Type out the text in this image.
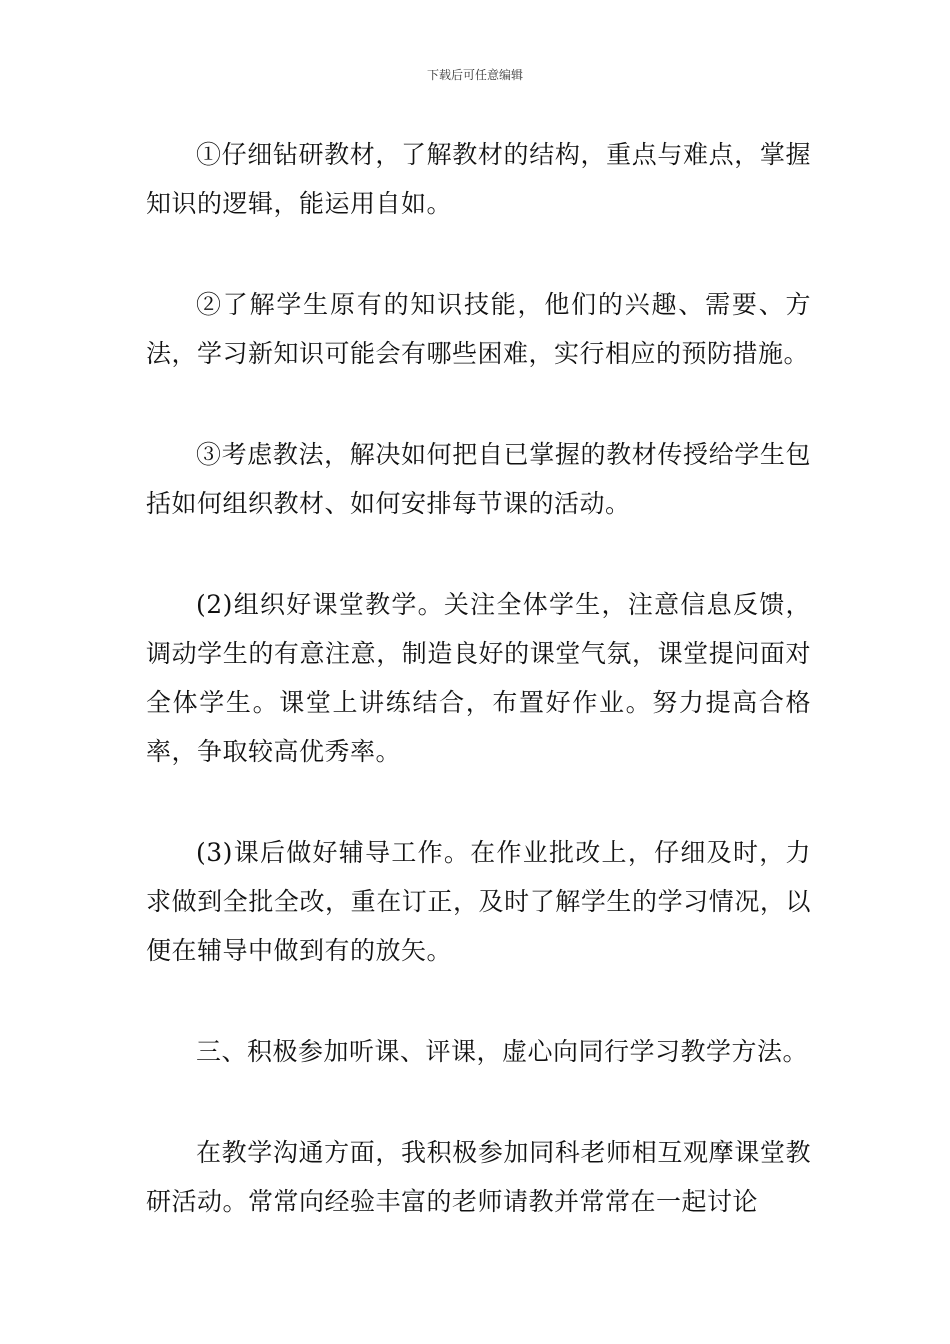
下载后可任意编辑

①仔细钻研教材，了解教材的结构，重点与难点，掌握知识的逻辑，能运用自如。

②了解学生原有的知识技能，他们的兴趣、需要、方法，学习新知识可能会有哪些困难，实行相应的预防措施。

③考虑教法，解决如何把自已掌握的教材传授给学生包括如何组织教材、如何安排每节课的活动。

(2)组织好课堂教学。关注全体学生，注意信息反馈，调动学生的有意注意，制造良好的课堂气氛，课堂提问面对全体学生。课堂上讲练结合，布置好作业。努力提高合格率，争取较高优秀率。

(3)课后做好辅导工作。在作业批改上，仔细及时，力求做到全批全改，重在订正，及时了解学生的学习情况，以便在辅导中做到有的放矢。

三、积极参加听课、评课，虚心向同行学习教学方法。

在教学沟通方面，我积极参加同科老师相互观摩课堂教研活动。常常向经验丰富的老师请教并常常在一起讨论
